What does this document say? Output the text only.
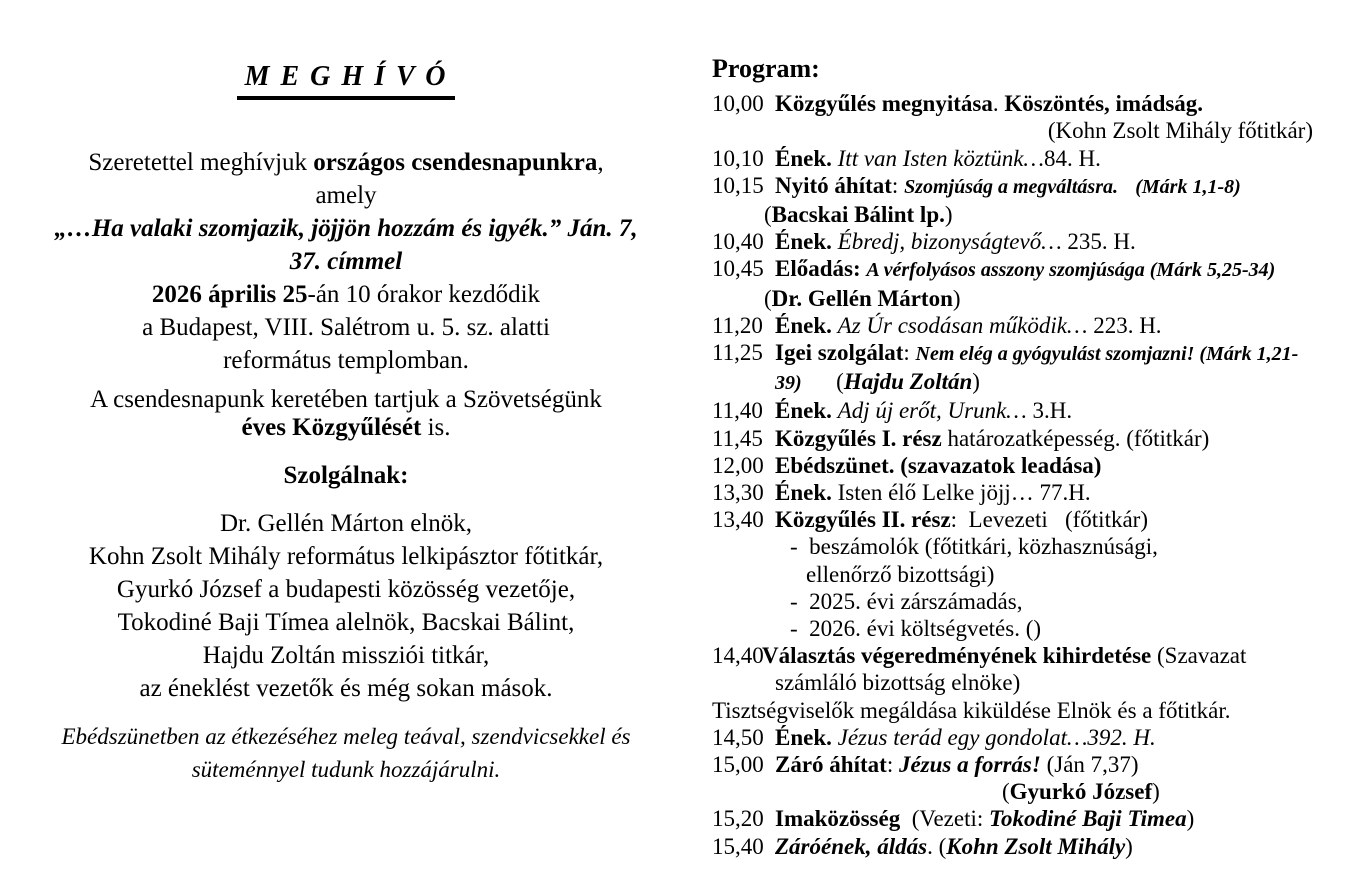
M E G H Í V Ó
Szeretettel meghívjuk országos csendesnapunkra,
amely
„…Ha valaki szomjazik, jöjjön hozzám és igyék.” Ján. 7,
37. címmel
2026 április 25-án 10 órakor kezdődik
a Budapest, VIII. Salétrom u. 5. sz. alatti
református templomban.
A csendesnapunk keretében tartjuk a Szövetségünk
éves Közgyűlését is.
Szolgálnak:
Dr. Gellén Márton elnök,
Kohn Zsolt Mihály református lelkipásztor főtitkár,
Gyurkó József a budapesti közösség vezetője,
Tokodiné Baji Tímea alelnök, Bacskai Bálint,
Hajdu Zoltán missziói titkár,
az éneklést vezetők és még sokan mások.
Ebédszünetben az étkezéséhez meleg teával, szendvicsekkel és
süteménnyel tudunk hozzájárulni.
Program:
10,00 Közgyűlés megnyitása. Köszöntés, imádság.
(Kohn Zsolt Mihály főtitkár)
10,10 Ének. Itt van Isten köztünk…84. H.
10,15 Nyitó áhítat: Szomjúság a megváltásra. (Márk 1,1-8)
(Bacskai Bálint lp.)
10,40 Ének. Ébredj, bizonyságtevő… 235. H.
10,45 Előadás: A vérfolyásos asszony szomjúsága (Márk 5,25-34)
(Dr. Gellén Márton)
11,20 Ének. Az Úr csodásan működik… 223. H.
11,25 Igei szolgálat: Nem elég a gyógyulást szomjazni! (Márk 1,21-
39)      (Hajdu Zoltán)
11,40 Ének. Adj új erőt, Urunk… 3.H.
11,45 Közgyűlés I. rész határozatképesség. (főtitkár)
12,00 Ebédszünet. (szavazatok leadása)
13,30 Ének. Isten élő Lelke jöjj… 77.H.
13,40 Közgyűlés II. rész:  Levezeti   (főtitkár)
-  beszámolók (főtitkári, közhasznúsági,
ellenőrző bizottsági)
-  2025. évi zárszámadás,
-  2026. évi költségvetés. ()
14,40Választás végeredményének kihirdetése (Szavazat
számláló bizottság elnöke)
Tisztségviselők megáldása kiküldése Elnök és a főtitkár.
14,50 Ének. Jézus terád egy gondolat…392. H.
15,00 Záró áhítat: Jézus a forrás! (Ján 7,37)
(Gyurkó József)
15,20 Imaközösség  (Vezeti: Tokodiné Baji Timea)
15,40 Záróének, áldás. (Kohn Zsolt Mihály)
